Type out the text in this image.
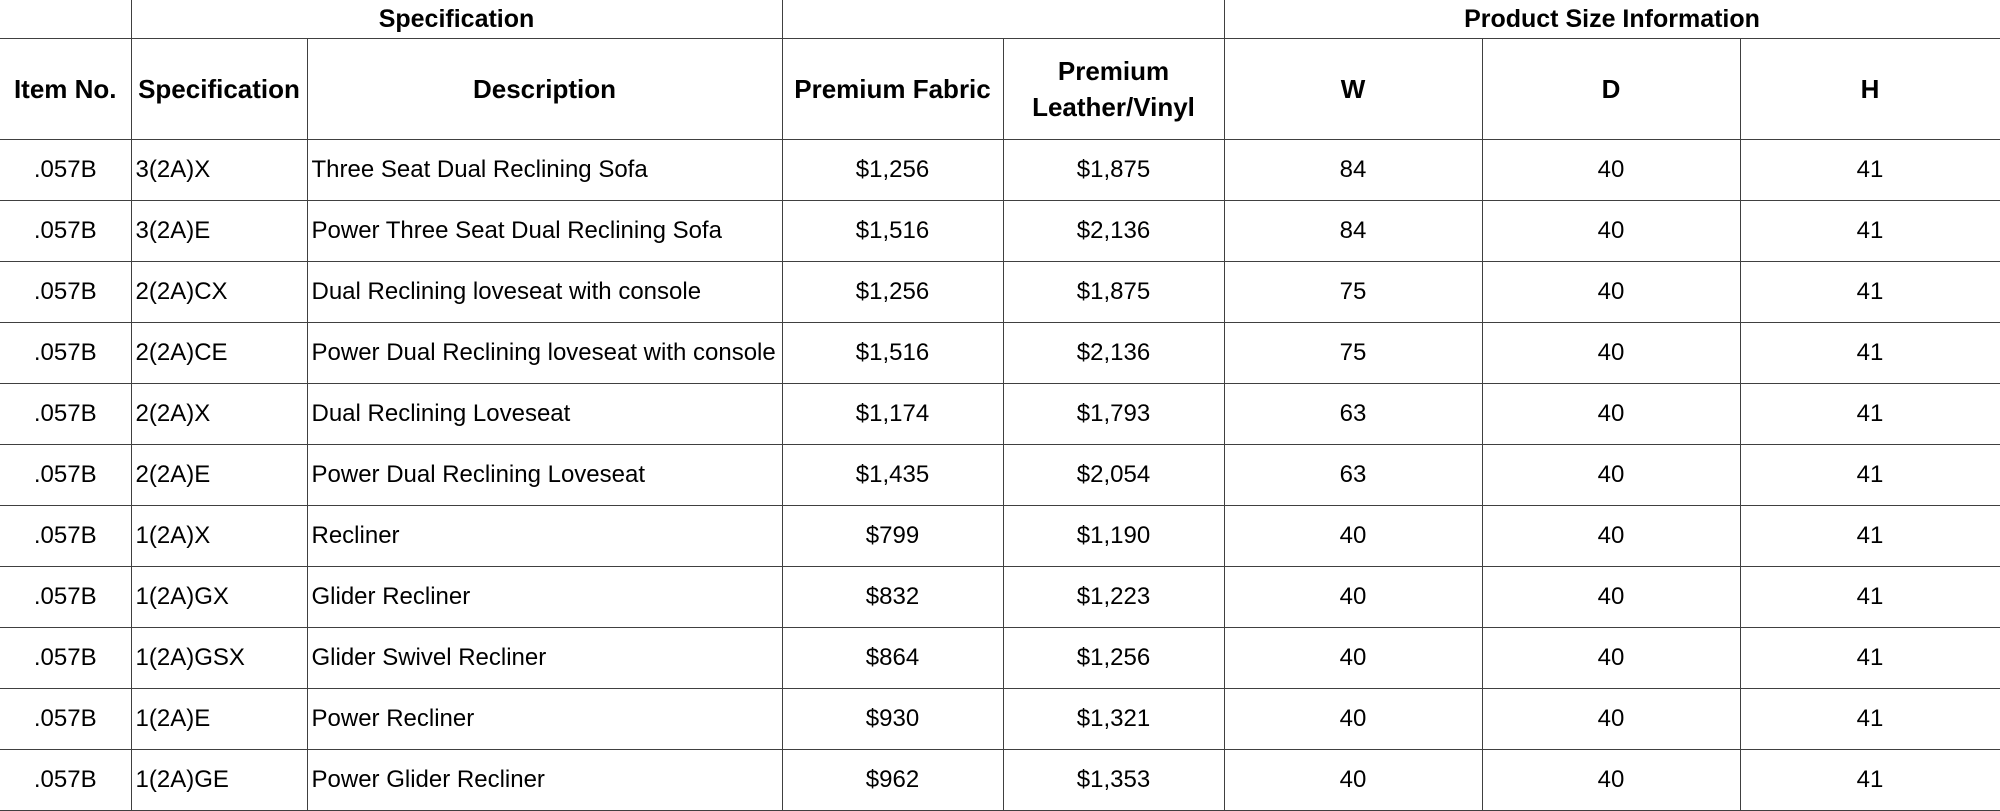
	Specification				Product Size Information		
Item No.	Specification	Description	Premium Fabric	Premium Leather/Vinyl	W	D	H
.057B	3(2A)X	Three Seat Dual Reclining Sofa	$1,256	$1,875	84	40	41
.057B	3(2A)E	Power Three Seat Dual Reclining Sofa	$1,516	$2,136	84	40	41
.057B	2(2A)CX	Dual Reclining loveseat with console	$1,256	$1,875	75	40	41
.057B	2(2A)CE	Power Dual Reclining loveseat with console	$1,516	$2,136	75	40	41
.057B	2(2A)X	Dual Reclining Loveseat	$1,174	$1,793	63	40	41
.057B	2(2A)E	Power Dual Reclining Loveseat	$1,435	$2,054	63	40	41
.057B	1(2A)X	Recliner	$799	$1,190	40	40	41
.057B	1(2A)GX	Glider Recliner	$832	$1,223	40	40	41
.057B	1(2A)GSX	Glider Swivel Recliner	$864	$1,256	40	40	41
.057B	1(2A)E	Power Recliner	$930	$1,321	40	40	41
.057B	1(2A)GE	Power Glider Recliner	$962	$1,353	40	40	41
